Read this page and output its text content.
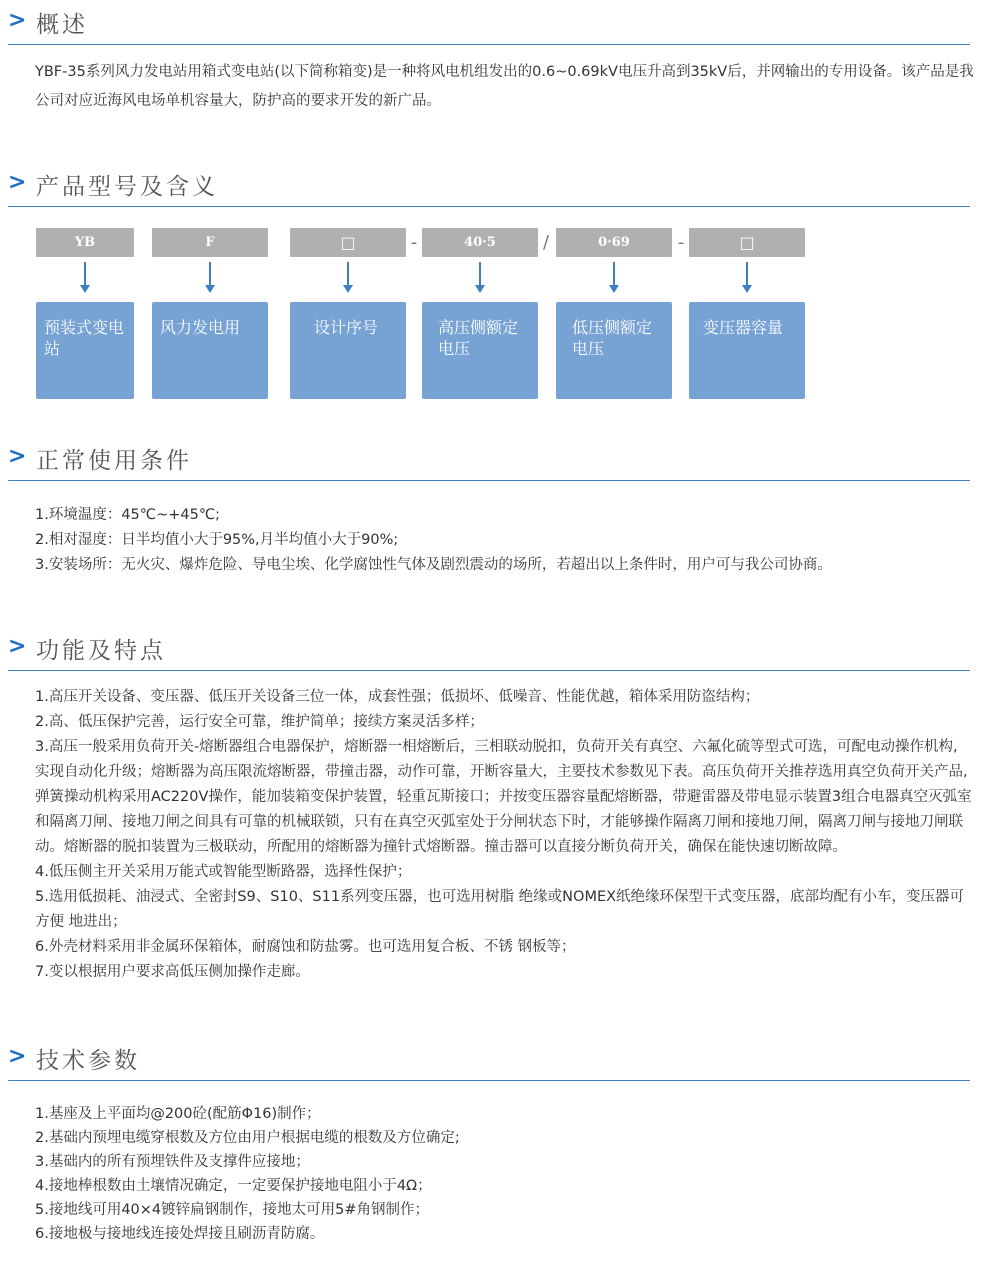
> 概述
YBF-35系列风力发电站用箱式变电站(以下简称箱变)是一种将风电机组发出的0.6~0.69kV电压升高到35kV后，并网输出的专用设备。该产品是我公司对应近海风电场单机容量大，防护高的要求开发的新广品。
> 产品型号及含义
YB	F	□	-	40·5	/	0·69	-	□
预装式变电站
风力发电用	设计序号	高压侧额定电压
低压侧额定电压
变压器容量
> 正常使用条件
1.环境温度：45℃~+45℃;
2.相对湿度：日半均值小大于95%,月半均值小大于90%;
3.安装场所：无火灾、爆炸危险、导电尘埃、化学腐蚀性气体及剧烈震动的场所，若超出以上条件时，用户可与我公司协商。
> 功能及特点
1.高压开关设备、变压器、低压开关设备三位一体，成套性强；低损坏、低噪音、性能优越，箱体采用防盗结构；
2.高、低压保护完善，运行安全可靠，维护简单；接续方案灵活多样；
3.高压一般采用负荷开关-熔断器组合电器保护，熔断器一相熔断后，三相联动脱扣，负荷开关有真空、六氟化硫等型式可选，可配电动操作机构, 实现自动化升级；熔断器为高压限流熔断器，带撞击器，动作可靠，开断容量大，主要技术参数见下表。高压负荷开关推荐选用真空负荷开关产品, 弹簧操动机构采用AC220V操作，能加装箱变保护装置，轻重瓦斯接口；并按变压器容量配熔断器，带避雷器及带电显示装置3组合电器真空灭弧室和隔离刀闸、接地刀闸之间具有可靠的机械联锁，只有在真空灭弧室处于分闸状态下时，才能够操作隔离刀闸和接地刀闸，隔离刀闸与接地刀闸联动。熔断器的脱扣装置为三极联动，所配用的熔断器为撞针式熔断器。撞击器可以直接分断负荷开关，确保在能快速切断故障。
4.低压侧主开关采用万能式或智能型断路器，选择性保护；
5.选用低损耗、油浸式、全密封S9、S10、S11系列变压器，也可选用树脂 绝缘或NOMEX纸绝缘环保型干式变压器，底部均配有小车，变压器可方便 地进出；
6.外壳材料采用非金属环保箱体，耐腐蚀和防盐雾。也可选用复合板、不锈 钢板等；
7.变以根据用户要求高低压侧加操作走廊。
> 技术参数
1.基座及上平面均@200砼(配筋Φ16)制作；
2.基础内预埋电缆穿根数及方位由用户根据电缆的根数及方位确定;
3.基础内的所有预埋铁件及支撑件应接地；
4.接地棒根数由土壤情况确定，一定要保护接地电阻小于4Ω；
5.接地线可用40×4镀锌扁钢制作，接地太可用5#角钢制作；
6.接地极与接地线连接处焊接且刷沥青防腐。
